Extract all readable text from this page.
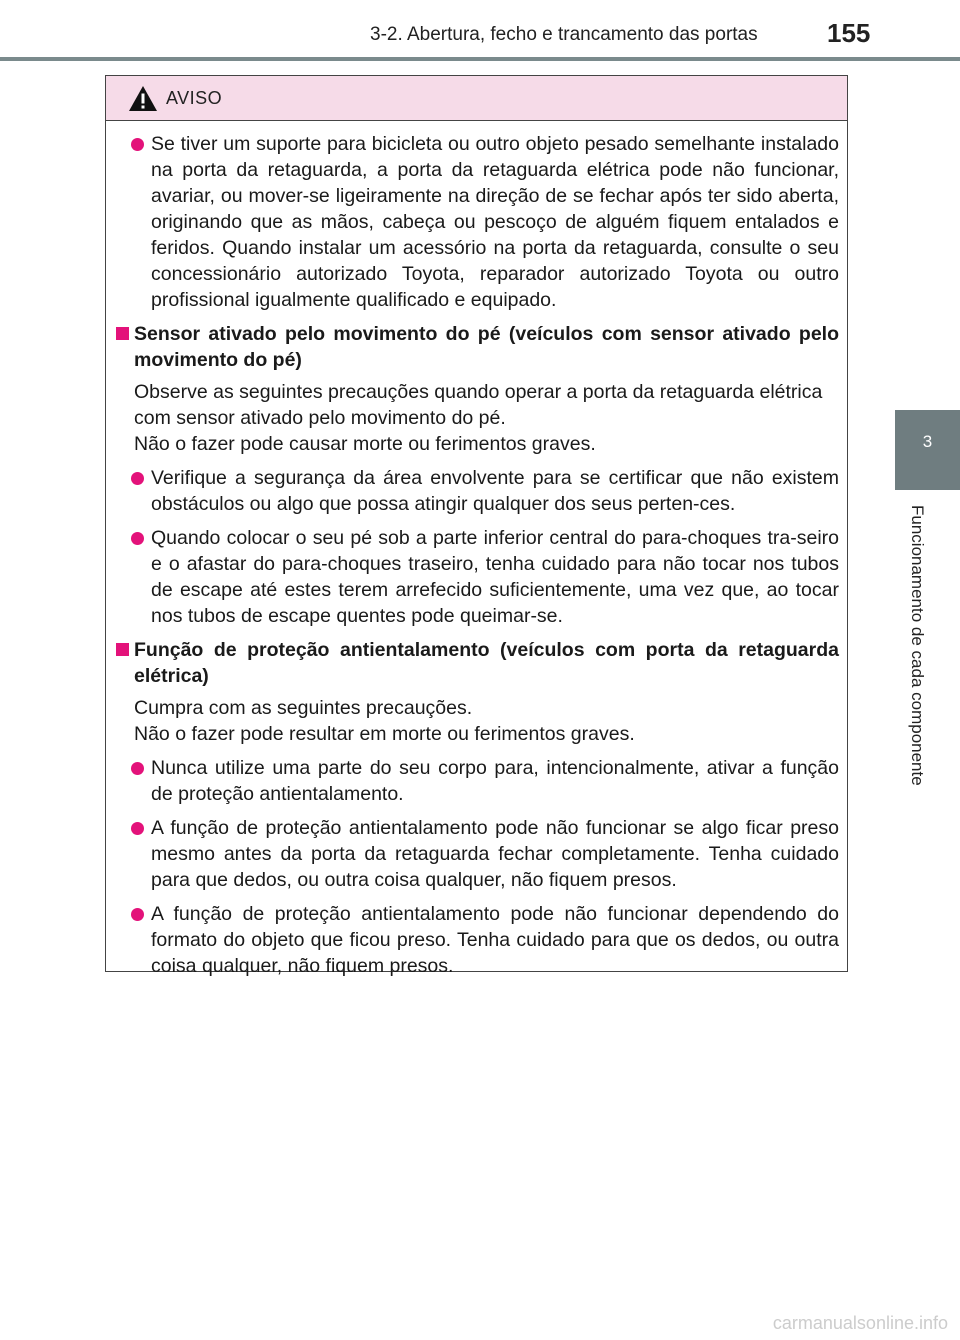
3-2. Abertura, fecho e trancamento das portas	155
3
Funcionamento de cada componente
AVISO
Se tiver um suporte para bicicleta ou outro objeto pesado semelhante instalado na porta da retaguarda, a porta da retaguarda elétrica pode não funcionar, avariar, ou mover-se ligeiramente na direção de se fechar após ter sido aberta, originando que as mãos, cabeça ou pescoço de alguém fiquem entalados e feridos. Quando instalar um acessório na porta da retaguarda, consulte o seu concessionário autorizado Toyota, reparador autorizado Toyota ou outro profissional igualmente qualificado e equipado.
Sensor ativado pelo movimento do pé (veículos com sensor ativado pelo movimento do pé)
Observe as seguintes precauções quando operar a porta da retaguarda elétrica com sensor ativado pelo movimento do pé.
Não o fazer pode causar morte ou ferimentos graves.
Verifique a segurança da área envolvente para se certificar que não existem obstáculos ou algo que possa atingir qualquer dos seus perten-ces.
Quando colocar o seu pé sob a parte inferior central do para-choques tra-seiro e o afastar do para-choques traseiro, tenha cuidado para não tocar nos tubos de escape até estes terem arrefecido suficientemente, uma vez que, ao tocar nos tubos de escape quentes pode queimar-se.
Função de proteção antientalamento (veículos com porta da retaguarda elétrica)
Cumpra com as seguintes precauções.
Não o fazer pode resultar em morte ou ferimentos graves.
Nunca utilize uma parte do seu corpo para, intencionalmente, ativar a função de proteção antientalamento.
A função de proteção antientalamento pode não funcionar se algo ficar preso mesmo antes da porta da retaguarda fechar completamente. Tenha cuidado para que dedos, ou outra coisa qualquer, não fiquem presos.
A função de proteção antientalamento pode não funcionar dependendo do formato do objeto que ficou preso. Tenha cuidado para que os dedos, ou outra coisa qualquer, não fiquem presos.
carmanualsonline.info
